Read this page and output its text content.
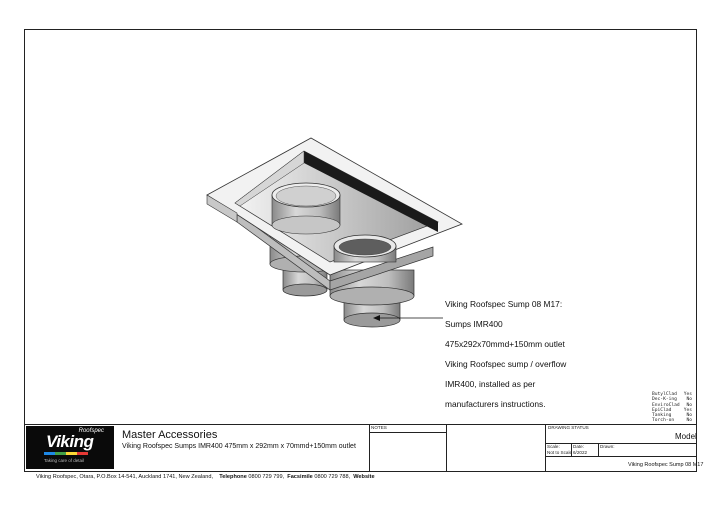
Viking Roofspec Sump 08 M17:

Sumps IMR400

475x292x70mmd+150mm outlet

Viking Roofspec sump / overflow

IMR400, installed as per

manufacturers instructions.

ButylClad Yes
Dec-K-ing No
EnviroClad No
EpiClad	Yes
Tanking	No
Torch-on	No
Roofspec
Viking
Taking care of detail
Master Accessories
Viking Roofspec Sumps IMR400 475mm x 292mm x 70mmd+150mm outlet
NOTES	DRAWING STATUS
Model
Scale:
Not to Scale
Date:
6/2022
Drawn:
Viking Roofspec Sump 08 M17
Viking Roofspec, Otara, P.O.Box 14-541, Auckland 1741, New Zealand, Telephone 0800 729 799, Facsimile 0800 729 788, Website
